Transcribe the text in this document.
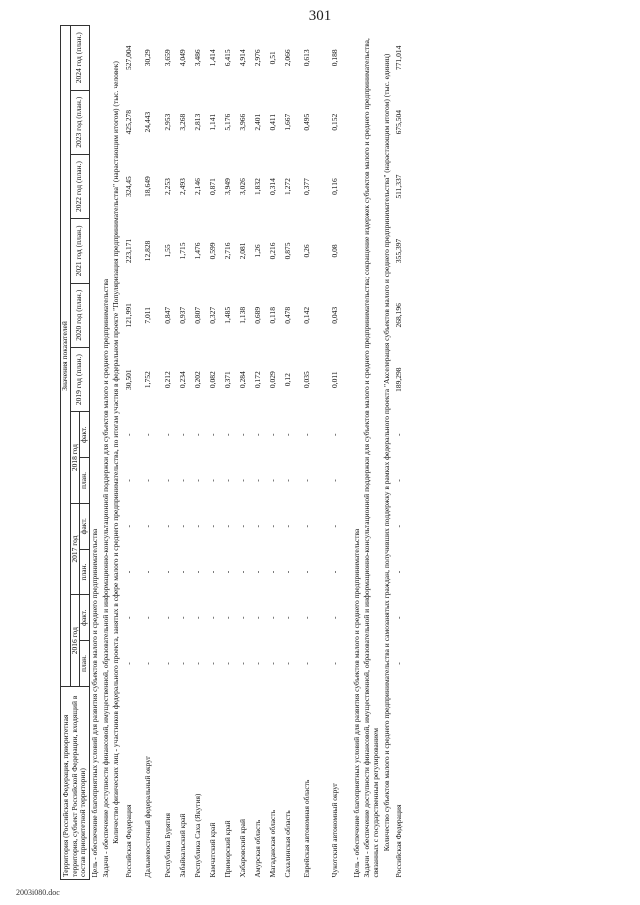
301
Территория (Российская Федерация, приоритетная территория, субъект Российской Федерации, входящий в состав приоритетной территории)	Значения показателей											
	2016 год		2017 год		2018 год		2019 год (план.)	2020 год (план.)	2021 год (план.)	2022 год (план.)	2023 год (план.)	2024 год (план.)
	план.	факт.	план.	факт.	план.	факт.						
Цель - обеспечение благоприятных условий для развития субъектов малого и среднего предпринимательства												
Задачи - обеспечение доступности финансовой, имущественной, образовательной и информационно-консультационной поддержки для субъектов малого и среднего предпринимательства												
Количество физических лиц - участников федерального проекта, занятых в сфере малого и среднего предпринимательства, по итогам участия в федеральном проекте "Популяризация предпринимательства" (нарастающим итогом) (тыс. человек)												
Российская Федерация	-	-	-	-	-	-	30,501	121,991	223,171	324,45	425,278	527,004
Дальневосточный федеральный округ	-	-	-	-	-	-	1,752	7,011	12,828	18,649	24,443	30,29
Республика Бурятия	-	-	-	-	-	-	0,212	0,847	1,55	2,253	2,953	3,659
Забайкальский край	-	-	-	-	-	-	0,234	0,937	1,715	2,493	3,268	4,049
Республика Саха (Якутия)	-	-	-	-	-	-	0,202	0,807	1,476	2,146	2,813	3,486
Камчатский край	-	-	-	-	-	-	0,082	0,327	0,599	0,871	1,141	1,414
Приморский край	-	-	-	-	-	-	0,371	1,485	2,716	3,949	5,176	6,415
Хабаровский край	-	-	-	-	-	-	0,284	1,138	2,081	3,026	3,966	4,914
Амурская область	-	-	-	-	-	-	0,172	0,689	1,26	1,832	2,401	2,976
Магаданская область	-	-	-	-	-	-	0,029	0,118	0,216	0,314	0,411	0,51
Сахалинская область	-	-	-	-	-	-	0,12	0,478	0,875	1,272	1,667	2,066
Еврейская автономная область	-	-	-	-	-	-	0,035	0,142	0,26	0,377	0,495	0,613
Чукотский автономный округ	-	-	-	-	-	-	0,011	0,043	0,08	0,116	0,152	0,188
Цель - обеспечение благоприятных условий для развития субъектов малого и среднего предпринимательства												
Задачи - обеспечение доступности финансовой, имущественной, образовательной и информационно-консультационной поддержки для субъектов малого и среднего предпринимательства; сокращение издержек субъектов малого и среднего предпринимательства, связанных с государственным регулированием												
Количество субъектов малого и среднего предпринимательства и самозанятых граждан, получивших поддержку в рамках федерального проекта "Акселерация субъектов малого и среднего предпринимательства" (нарастающим итогом) (тыс. единиц)												
Российская Федерация	-	-	-	-	-	-	189,298	268,196	355,397	511,337	675,504	771,014
2003і080.doc
